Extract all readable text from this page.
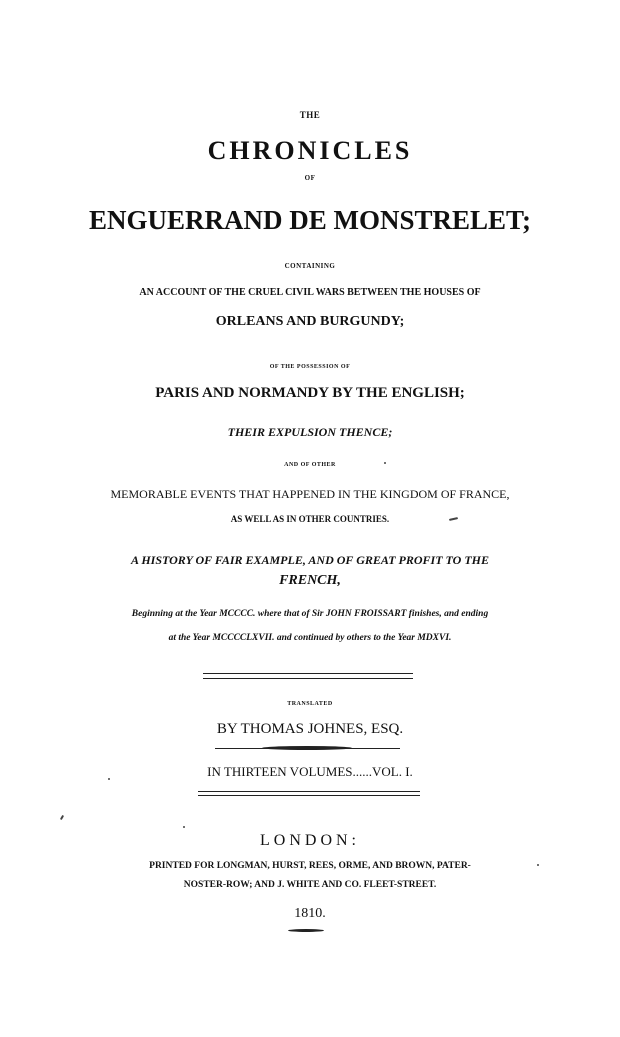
THE
CHRONICLES
OF
ENGUERRAND DE MONSTRELET;
CONTAINING
AN ACCOUNT OF THE CRUEL CIVIL WARS BETWEEN THE HOUSES OF
ORLEANS AND BURGUNDY;
OF THE POSSESSION OF
PARIS AND NORMANDY BY THE ENGLISH;
THEIR EXPULSION THENCE;
AND OF OTHER
MEMORABLE EVENTS THAT HAPPENED IN THE KINGDOM OF FRANCE,
AS WELL AS IN OTHER COUNTRIES.
A HISTORY OF FAIR EXAMPLE, AND OF GREAT PROFIT TO THE
FRENCH,
Beginning at the Year MCCCC. where that of Sir JOHN FROISSART finishes, and ending
at the Year MCCCCLXVII. and continued by others to the Year MDXVI.
TRANSLATED
BY THOMAS JOHNES, ESQ.
IN THIRTEEN VOLUMES......VOL. I.
LONDON:
PRINTED FOR LONGMAN, HURST, REES, ORME, AND BROWN, PATER-
NOSTER-ROW; AND J. WHITE AND CO. FLEET-STREET.
1810.
